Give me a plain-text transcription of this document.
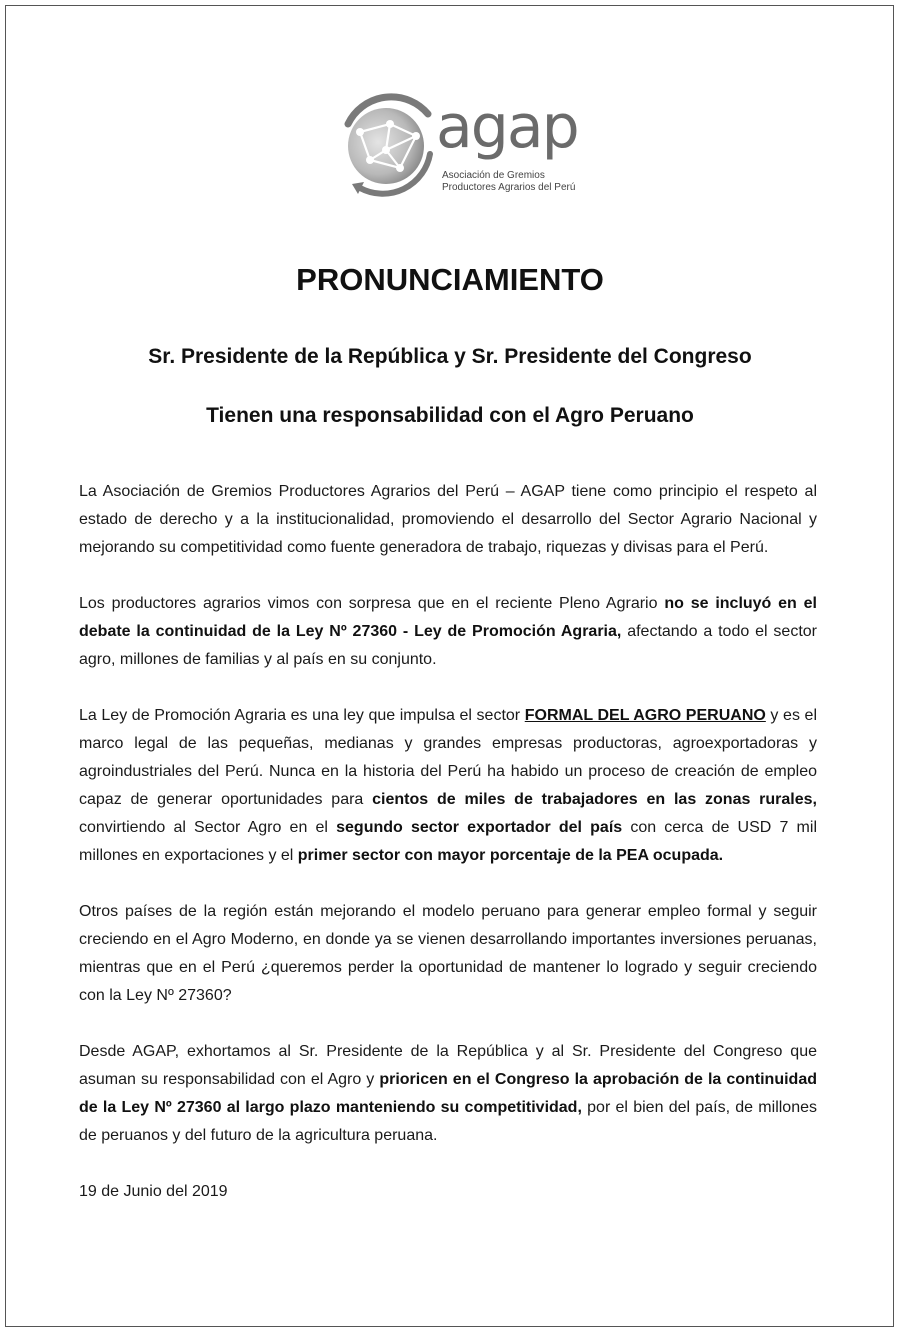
agap
Asociación de Gremios
Productores Agrarios del Perú
PRONUNCIAMIENTO
Sr. Presidente de la República y Sr. Presidente del Congreso
Tienen una responsabilidad con el Agro Peruano

La Asociación de Gremios Productores Agrarios del Perú – AGAP tiene como principio el respeto al estado de derecho y a la institucionalidad, promoviendo el desarrollo del Sector Agrario Nacional y mejorando su competitividad como fuente generadora de trabajo, riquezas y divisas para el Perú.

Los productores agrarios vimos con sorpresa que en el reciente Pleno Agrario no se incluyó en el debate la continuidad de la Ley Nº 27360 - Ley de Promoción Agraria, afectando a todo el sector agro, millones de familias y al país en su conjunto.

La Ley de Promoción Agraria es una ley que impulsa el sector FORMAL DEL AGRO PERUANO y es el marco legal de las pequeñas, medianas y grandes empresas productoras, agroexportadoras y agroindustriales del Perú. Nunca en la historia del Perú ha habido un proceso de creación de empleo capaz de generar oportunidades para cientos de miles de trabajadores en las zonas rurales, convirtiendo al Sector Agro en el segundo sector exportador del país con cerca de USD 7 mil millones en exportaciones y el primer sector con mayor porcentaje de la PEA ocupada.

Otros países de la región están mejorando el modelo peruano para generar empleo formal y seguir creciendo en el Agro Moderno, en donde ya se vienen desarrollando importantes inversiones peruanas, mientras que en el Perú ¿queremos perder la oportunidad de mantener lo logrado y seguir creciendo con la Ley Nº 27360?

Desde AGAP, exhortamos al Sr. Presidente de la República y al Sr. Presidente del Congreso que asuman su responsabilidad con el Agro y prioricen en el Congreso la aprobación de la continuidad de la Ley Nº 27360 al largo plazo manteniendo su competitividad, por el bien del país, de millones de peruanos y del futuro de la agricultura peruana.

19 de Junio del 2019
